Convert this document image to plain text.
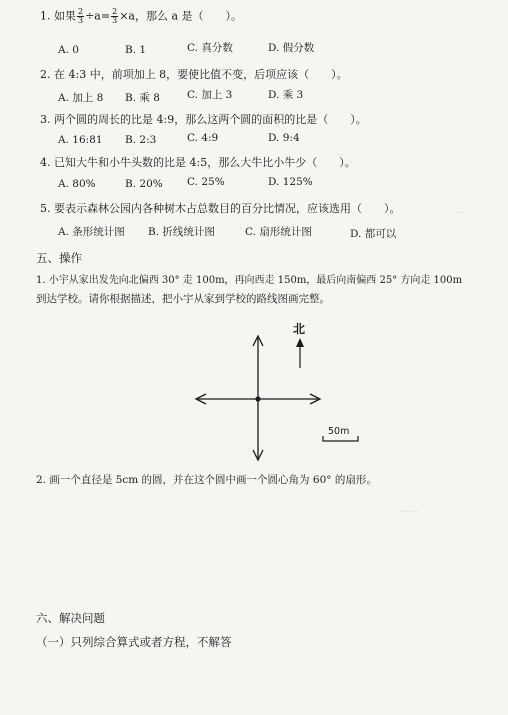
…
‥‥‥
1. 如果 $\frac{2}{3} \div a= \frac{2}{3} \times a$，那么 a 是（　　）。
A. 0	B. 1	C. 真分数	D. 假分数
2. 在 4:3 中，前项加上 8，要使比值不变，后项应该（　　）。
A. 加上 8 B. 乘 8	C. 加上 3	D. 乘 3
3. 两个圆的周长的比是 4:9，那么这两个圆的面积的比是（　　）。
A. 16:81 B. 2:3	C. 4:9	D. 9:4
4. 已知大牛和小牛头数的比是 4:5，那么大牛比小牛少（　　）。
A. 80%	B. 20% C. 25%	D. 125%
5. 要表示森林公园内各种树木占总数目的百分比情况，应该选用（　　）。
A. 条形统计图 B. 折线统计图	C. 扇形统计图	D. 都可以
五、操作
1. 小宇从家出发先向北偏西 30° 走 100m，再向西走 150m，最后向南偏西 25° 方向走 100m
到达学校。请你根据描述，把小宇从家到学校的路线图画完整。
北
50m
2. 画一个直径是 5cm 的圆，并在这个圆中画一个圆心角为 60° 的扇形。
六、解决问题
（一）只列综合算式或者方程，不解答
